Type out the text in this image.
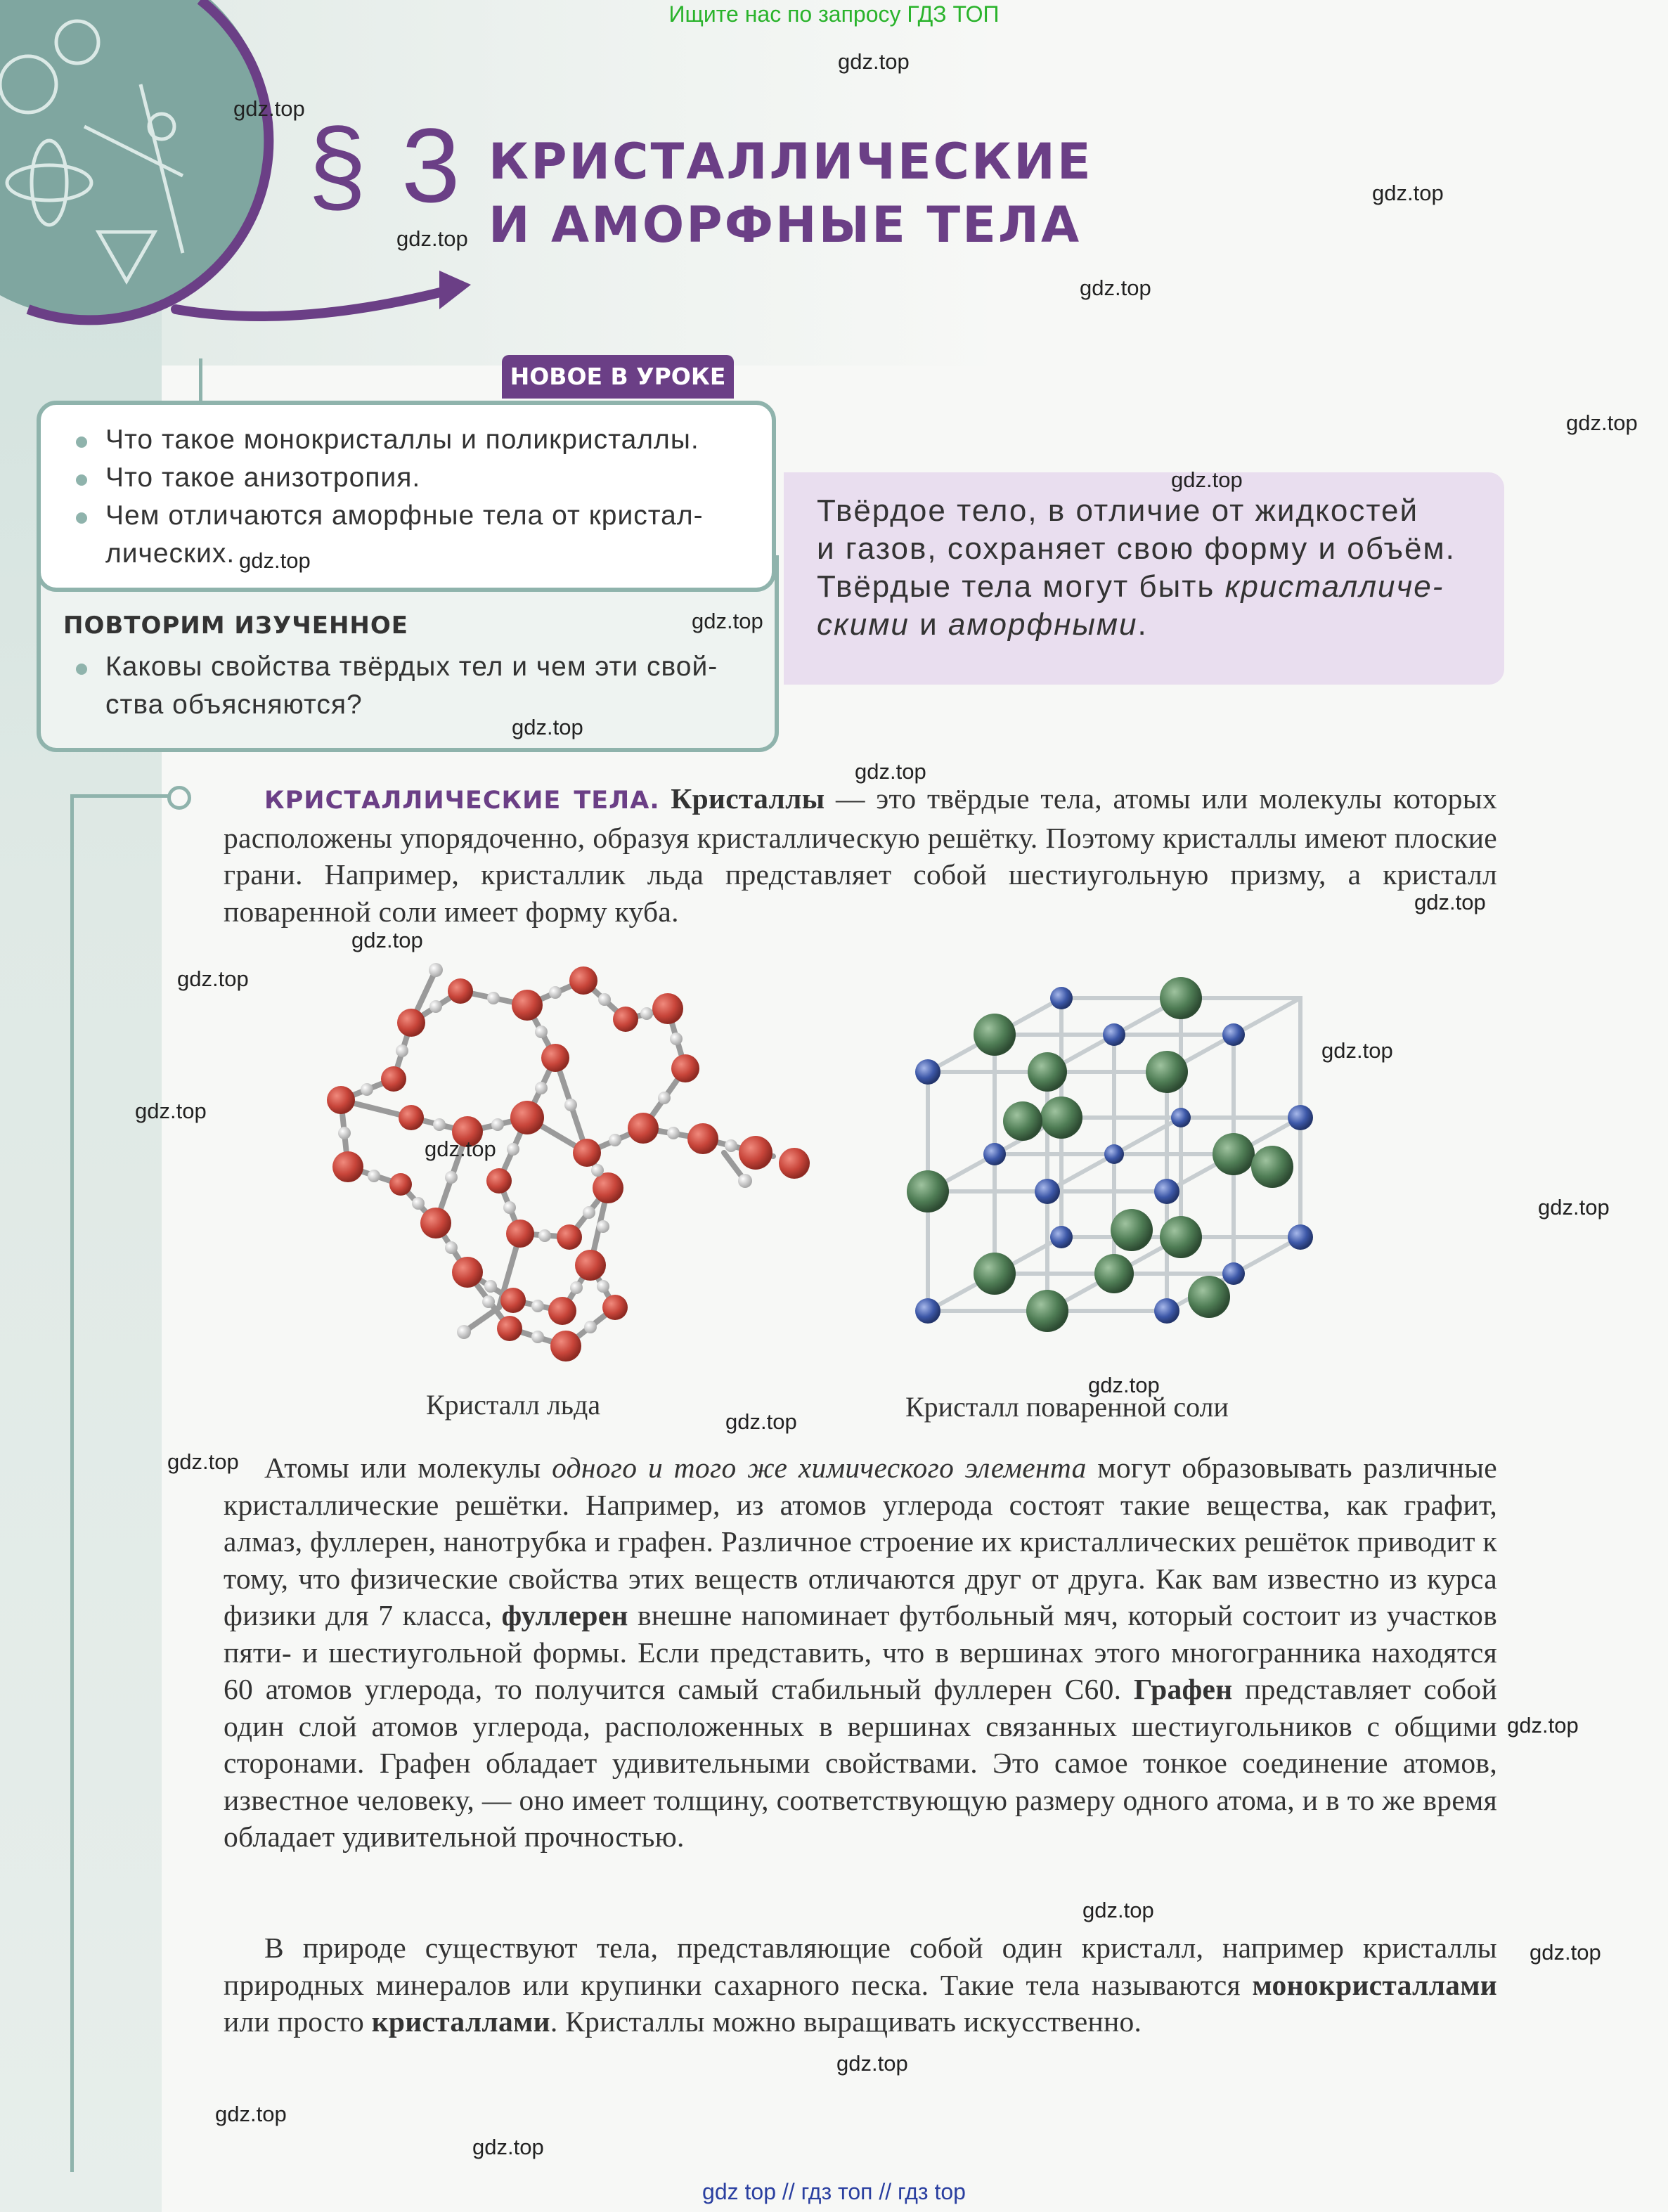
§ 3 КРИСТАЛЛИЧЕСКИЕ
И АМОРФНЫЕ ТЕЛА
НОВОЕ В УРОКЕ
Что такое монокристаллы и поликристаллы.
Что такое анизотропия.
Чем отличаются аморфные тела от кристал-
лических.
ПОВТОРИМ ИЗУЧЕННОЕ
Каковы свойства твёрдых тел и чем эти свой-
ства объясняются?
Твёрдое тело, в отличие от жидкостей
и газов, сохраняет свою форму и объём.
Твёрдые тела могут быть кристалличе-
скими и аморфными.
КРИСТАЛЛИЧЕСКИЕ ТЕЛА. Кристаллы — это твёрдые тела, атомы или молекулы которых расположены упорядоченно, образуя кристаллическую решётку. Поэтому кристаллы имеют плоские грани. Например, кристаллик льда представляет собой шестиугольную призму, а кристалл поваренной соли имеет форму куба.
Кристалл льда	Кристалл поваренной соли
Атомы или молекулы одного и того же химического элемента могут образовывать различные кристаллические решётки. Например, из атомов углерода состоят такие вещества, как графит, алмаз, фуллерен, нанотрубка и графен. Различное строение их кристаллических решёток приводит к тому, что физические свойства этих веществ отличаются друг от друга. Как вам известно из курса физики для 7 класса, фуллерен внешне напоминает футбольный мяч, который состоит из участков пяти- и шестиугольной формы. Если представить, что в вершинах этого многогранника находятся 60 атомов углерода, то получится самый стабильный фуллерен С60. Графен представляет собой один слой атомов углерода, расположенных в вершинах связанных шестиугольников с общими сторонами. Графен обладает удивительными свойствами. Это самое тонкое соединение атомов, известное человеку, — оно имеет толщину, соответствующую размеру одного атома, и в то же время обладает удивительной прочностью.
В природе существуют тела, представляющие собой один кристалл, например кристаллы природных минералов или крупинки сахарного песка. Такие тела называются монокристаллами или просто кристаллами. Кристаллы можно выращивать искусственно.
gdz.top
gdz.top
gdz.top
gdz.top
gdz.top
gdz.top
gdz.top
gdz.top
gdz.top
gdz.top
gdz.top
gdz.top
gdz.top
gdz.top
gdz.top
gdz.top
gdz.top
gdz.top
gdz.top
gdz.top
gdz.top
gdz.top
gdz.top
gdz.top
gdz.top
gdz.top
gdz.top
Ищите нас по запросу ГДЗ ТОП
gdz top // гдз топ // гдз top
